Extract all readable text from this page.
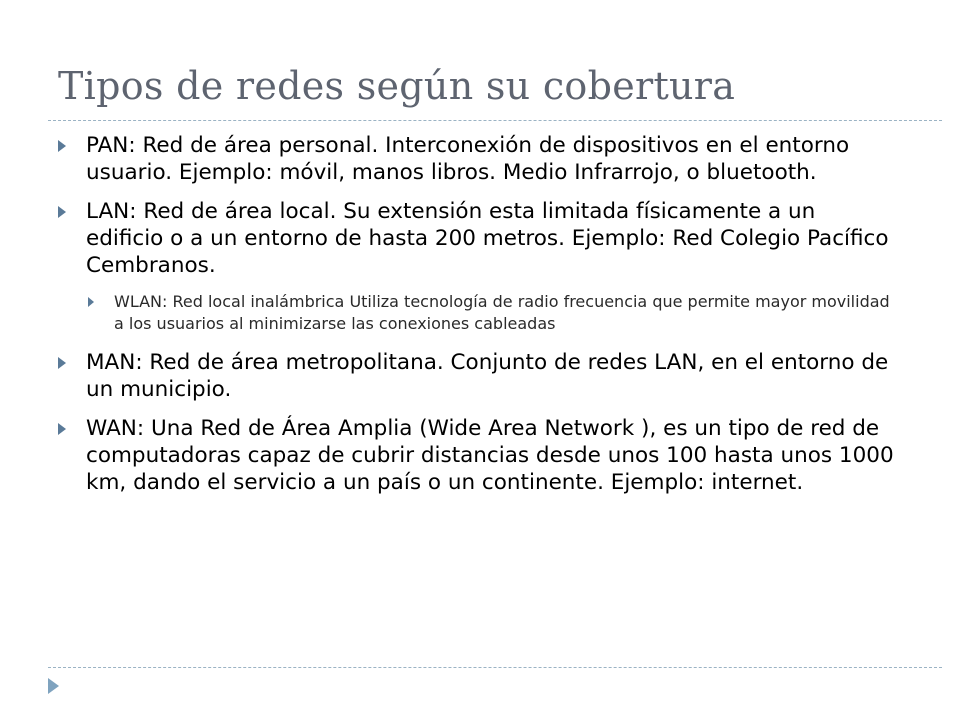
Tipos de redes según su cobertura
PAN: Red de área personal. Interconexión de dispositivos en el entorno usuario. Ejemplo: móvil, manos libros. Medio Infrarrojo, o bluetooth.
LAN: Red de área local. Su extensión esta limitada físicamente a un edificio o a un entorno de hasta 200 metros. Ejemplo: Red Colegio Pacífico Cembranos.
WLAN: Red local inalámbrica Utiliza tecnología de radio frecuencia que permite mayor movilidad a los usuarios al minimizarse las conexiones cableadas
MAN: Red de área metropolitana. Conjunto de redes LAN, en el entorno de un municipio.
WAN: Una Red de Área Amplia (Wide Area Network ), es un tipo de red de computadoras capaz de cubrir distancias desde unos 100 hasta unos 1000 km, dando el servicio a un país o un continente. Ejemplo: internet.
